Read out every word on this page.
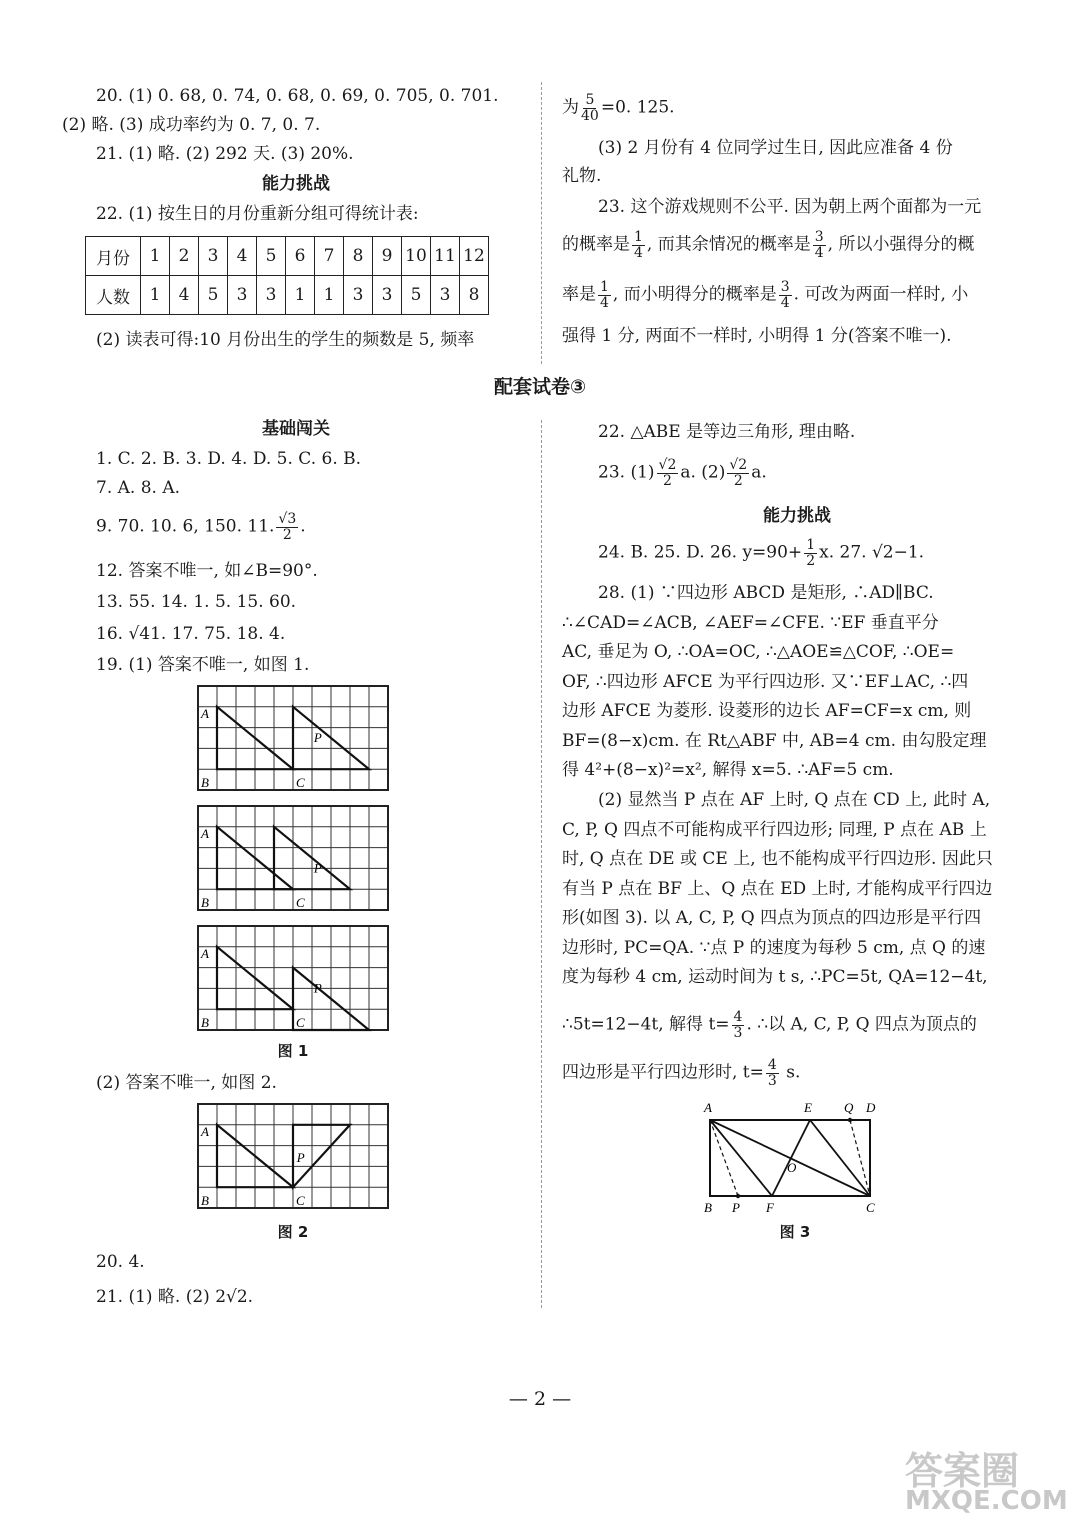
20. (1) 0. 68, 0. 74, 0. 68, 0. 69, 0. 705, 0. 701.
(2) 略. (3) 成功率约为 0. 7, 0. 7.
21. (1) 略. (2) 292 天. (3) 20%.
能力挑战
22. (1) 按生日的月份重新分组可得统计表:
月份	1	2	3	4	5	6	7	8	9	10	11	12
人数	1	4	5	3	3	1	1	3	3	5	3	8
(2) 读表可得:10 月份出生的学生的频数是 5, 频率
为 $\frac{5}{40} =0$. 125.
(3) 2 月份有 4 位同学过生日, 因此应准备 4 份
礼物.
23. 这个游戏规则不公平. 因为朝上两个面都为一元
的概率是 $\frac{1}{4}$ , 而其余情况的概率是 $\frac{3}{4}$ , 所以小强得分的概
率是 $\frac{1}{4}$ , 而小明得分的概率是 $\frac{3}{4}$ . 可改为两面一样时, 小
强得 1 分, 两面不一样时, 小明得 1 分(答案不唯一).
配套试卷③
基础闯关
1. C. 2. B. 3. D. 4. D. 5. C. 6. B.
7. A. 8. A.
9. 70. 10. 6, 150. 11. $\frac{√3}{2}$ .
12. 答案不唯一, 如∠B=90°.
13. 55. 14. 1. 5. 15. 60.
16. √41. 17. 75. 18. 4.
19. (1) 答案不唯一, 如图 1.
A
B	C
P
A
B	C
P
A
B	C
P
图 1
(2) 答案不唯一, 如图 2.
A
B	C
P
图 2
20. 4.
21. (1) 略. (2) 2√2.
22. △ABE 是等边三角形, 理由略.
23. $(1) \frac{√2}{2} a$. $(2) \frac{√2}{2} a$.
能力挑战
24. B. 25. D. 26. $y=90+ \frac{1}{2} x$. 27. √2−1.
28. (1) ∵四边形 ABCD 是矩形, ∴AD∥BC.
∴∠CAD=∠ACB, ∠AEF=∠CFE. ∵EF 垂直平分
AC, 垂足为 O, ∴OA=OC, ∴△AOE≌△COF, ∴OE=
OF, ∴四边形 AFCE 为平行四边形. 又∵EF⊥AC, ∴四
边形 AFCE 为菱形. 设菱形的边长 AF=CF=x cm, 则
BF=(8−x)cm. 在 Rt△ABF 中, AB=4 cm. 由勾股定理
得 4²+(8−x)²=x², 解得 x=5. ∴AF=5 cm.
(2) 显然当 P 点在 AF 上时, Q 点在 CD 上, 此时 A,
C, P, Q 四点不可能构成平行四边形; 同理, P 点在 AB 上
时, Q 点在 DE 或 CE 上, 也不能构成平行四边形. 因此只
有当 P 点在 BF 上、Q 点在 ED 上时, 才能构成平行四边
形(如图 3). 以 A, C, P, Q 四点为顶点的四边形是平行四
边形时, PC=QA. ∵点 P 的速度为每秒 5 cm, 点 Q 的速
度为每秒 4 cm, 运动时间为 t s, ∴PC=5t, QA=12−4t,
∴5t=12−4t, 解得 $t= \frac{4}{3}$ . ∴以 A, C, P, Q 四点为顶点的
四边形是平行四边形时, $t= \frac{4}{3} s$.
A	E Q D
O
B P F	C
图 3
— 2 —
答案圈
MXQE.COM
